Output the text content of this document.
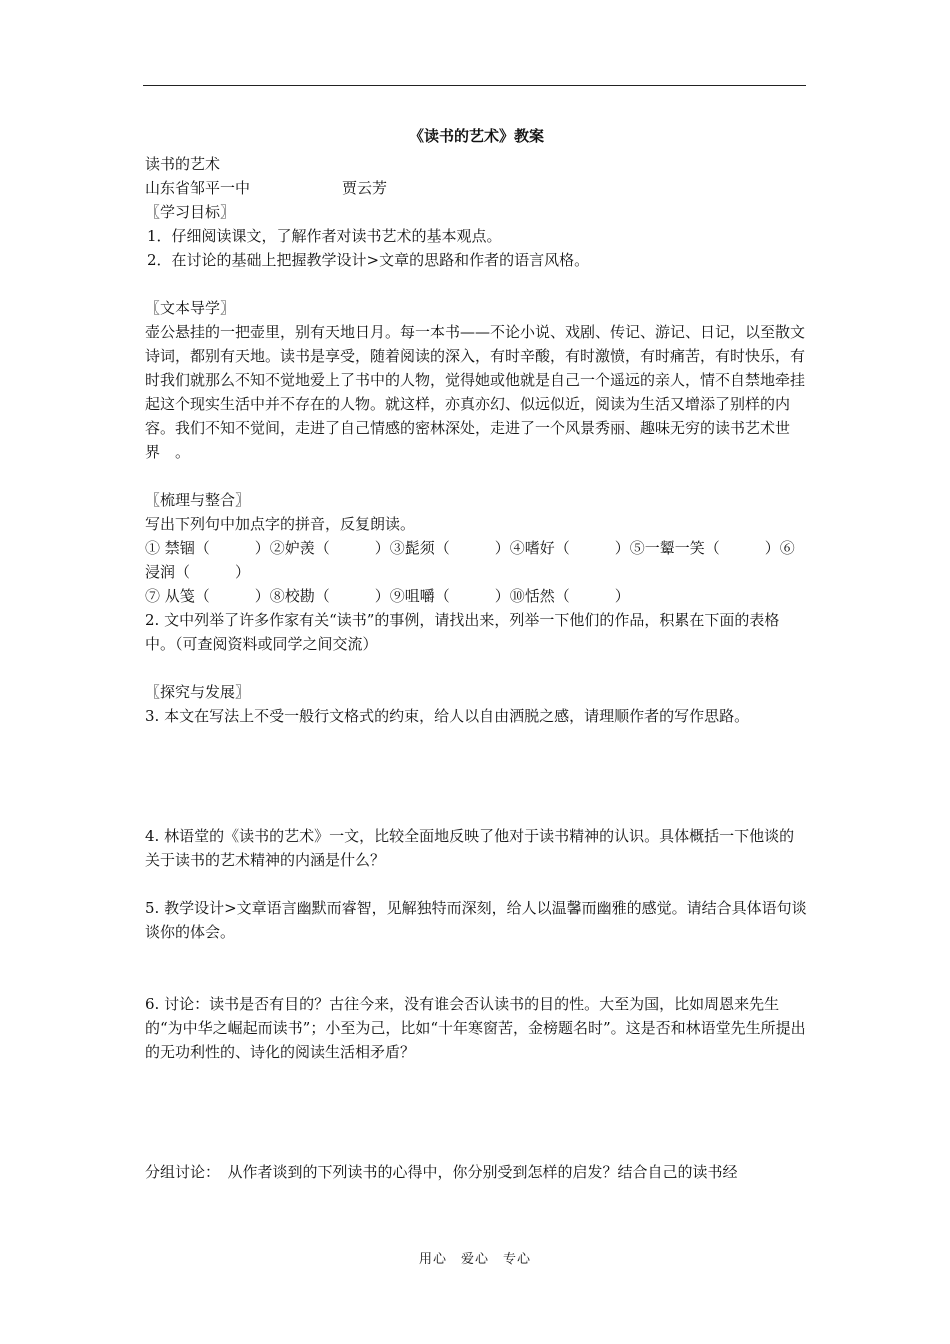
《读书的艺术》教案

读书的艺术

山东省邹平一中	贾云芳

〖学习目标〗

1．仔细阅读课文，了解作者对读书艺术的基本观点。

2．在讨论的基础上把握教学设计>文章的思路和作者的语言风格。

〖文本导学〗

壶公悬挂的一把壶里，别有天地日月。每一本书——不论小说、戏剧、传记、游记、日记，以至散文诗词，都别有天地。读书是享受，随着阅读的深入，有时辛酸，有时激愤，有时痛苦，有时快乐，有时我们就那么不知不觉地爱上了书中的人物，觉得她或他就是自己一个遥远的亲人，情不自禁地牵挂起这个现实生活中并不存在的人物。就这样，亦真亦幻、似远似近，阅读为生活又增添了别样的内容。我们不知不觉间，走进了自己情感的密林深处，走进了一个风景秀丽、趣味无穷的读书艺术世界　。

〖梳理与整合〗

写出下列句中加点字的拼音，反复朗读。

① 禁锢（　　　）②妒羡（　　　）③髭须（　　　）④嗜好（　　　）⑤一颦一笑（　　　）⑥浸润（　　　）

⑦ 从笺（　　　）⑧校勘（　　　）⑨咀嚼（　　　）⑩恬然（　　　）

2. 文中列举了许多作家有关“读书”的事例，请找出来，列举一下他们的作品，积累在下面的表格中。（可查阅资料或同学之间交流）

〖探究与发展〗

3. 本文在写法上不受一般行文格式的约束，给人以自由洒脱之感，请理顺作者的写作思路。

4. 林语堂的《读书的艺术》一文，比较全面地反映了他对于读书精神的认识。具体概括一下他谈的关于读书的艺术精神的内涵是什么？

5. 教学设计>文章语言幽默而睿智，见解独特而深刻，给人以温馨而幽雅的感觉。请结合具体语句谈谈你的体会。

6. 讨论：读书是否有目的？古往今来，没有谁会否认读书的目的性。大至为国，比如周恩来先生的“为中华之崛起而读书”；小至为己，比如“十年寒窗苦，金榜题名时”。这是否和林语堂先生所提出的无功利性的、诗化的阅读生活相矛盾？

分组讨论：　从作者谈到的下列读书的心得中，你分别受到怎样的启发？结合自己的读书经

用心　爱心　专心
